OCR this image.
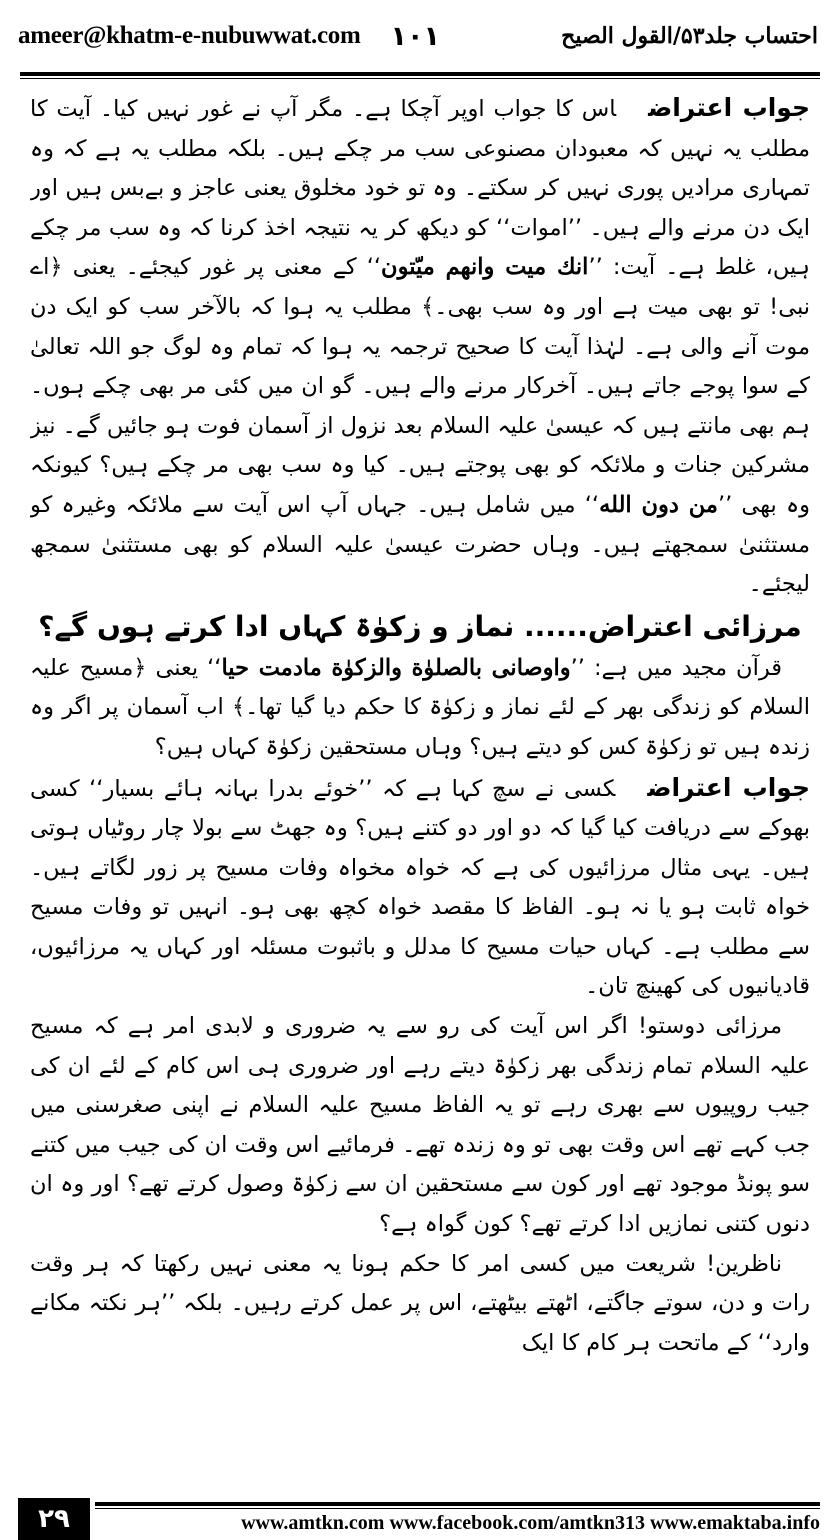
ameer@khatm-e-nubuwwat.com ۱۰۱	احتساب جلد۵۳/القول الصیح

جواب اعتراضاس کا جواب اوپر آچکا ہے۔ مگر آپ نے غور نہیں کیا۔ آیت کا مطلب یہ نہیں کہ معبودان مصنوعی سب مر چکے ہیں۔ بلکہ مطلب یہ ہے کہ وہ تمہاری مرادیں پوری نہیں کر سکتے۔ وہ تو خود مخلوق یعنی عاجز و بےبس ہیں اور ایک دن مرنے والے ہیں۔ ’’اموات‘‘ کو دیکھ کر یہ نتیجہ اخذ کرنا کہ وہ سب مر چکے ہیں، غلط ہے۔ آیت: ’’انك میت وانهم میّتون‘‘ کے معنی پر غور کیجئے۔ یعنی ﴿اے نبی! تو بھی میت ہے اور وہ سب بھی۔﴾ مطلب یہ ہوا کہ بالآخر سب کو ایک دن موت آنے والی ہے۔ لہٰذا آیت کا صحیح ترجمہ یہ ہوا کہ تمام وہ لوگ جو اللہ تعالیٰ کے سوا پوجے جاتے ہیں۔ آخرکار مرنے والے ہیں۔ گو ان میں کئی مر بھی چکے ہوں۔ ہم بھی مانتے ہیں کہ عیسیٰ علیہ السلام بعد نزول از آسمان فوت ہو جائیں گے۔ نیز مشرکین جنات و ملائکہ کو بھی پوجتے ہیں۔ کیا وہ سب بھی مر چکے ہیں؟ کیونکہ وہ بھی ’’من دون الله‘‘ میں شامل ہیں۔ جہاں آپ اس آیت سے ملائکہ وغیرہ کو مستثنیٰ سمجھتے ہیں۔ وہاں حضرت عیسیٰ علیہ السلام کو بھی مستثنیٰ سمجھ لیجئے۔

مرزائی اعتراض...... نماز و زکوٰۃ کہاں ادا کرتے ہوں گے؟

قرآن مجید میں ہے: ’’واوصانی بالصلوٰة والزكوٰة مادمت حیا‘‘ یعنی ﴿مسیح علیہ السلام کو زندگی بھر کے لئے نماز و زکوٰۃ کا حکم دیا گیا تھا۔﴾ اب آسمان پر اگر وہ زندہ ہیں تو زکوٰۃ کس کو دیتے ہیں؟ وہاں مستحقین زکوٰۃ کہاں ہیں؟

جواب اعتراضکسی نے سچ کہا ہے کہ ’’خوئے بدرا بہانہ ہائے بسیار‘‘ کسی بھوکے سے دریافت کیا گیا کہ دو اور دو کتنے ہیں؟ وہ جھٹ سے بولا چار روٹیاں ہوتی ہیں۔ یہی مثال مرزائیوں کی ہے کہ خواہ مخواہ وفات مسیح پر زور لگاتے ہیں۔ خواہ ثابت ہو یا نہ ہو۔ الفاظ کا مقصد خواہ کچھ بھی ہو۔ انہیں تو وفات مسیح سے مطلب ہے۔ کہاں حیات مسیح کا مدلل و باثبوت مسئلہ اور کہاں یہ مرزائیوں، قادیانیوں کی کھینچ تان۔

مرزائی دوستو! اگر اس آیت کی رو سے یہ ضروری و لابدی امر ہے کہ مسیح علیہ السلام تمام زندگی بھر زکوٰۃ دیتے رہے اور ضروری ہی اس کام کے لئے ان کی جیب روپیوں سے بھری رہے تو یہ الفاظ مسیح علیہ السلام نے اپنی صغرسنی میں جب کہے تھے اس وقت بھی تو وہ زندہ تھے۔ فرمائیے اس وقت ان کی جیب میں کتنے سو پونڈ موجود تھے اور کون سے مستحقین ان سے زکوٰۃ وصول کرتے تھے؟ اور وہ ان دنوں کتنی نمازیں ادا کرتے تھے؟ کون گواہ ہے؟

ناظرین! شریعت میں کسی امر کا حکم ہونا یہ معنی نہیں رکھتا کہ ہر وقت رات و دن، سوتے جاگتے، اٹھتے بیٹھتے، اس پر عمل کرتے رہیں۔ بلکہ ’’ہر نکتہ مکانے وارد‘‘ کے ماتحت ہر کام کا ایک

۲۹	www.amtkn.com www.facebook.com/amtkn313 www.emaktaba.info
